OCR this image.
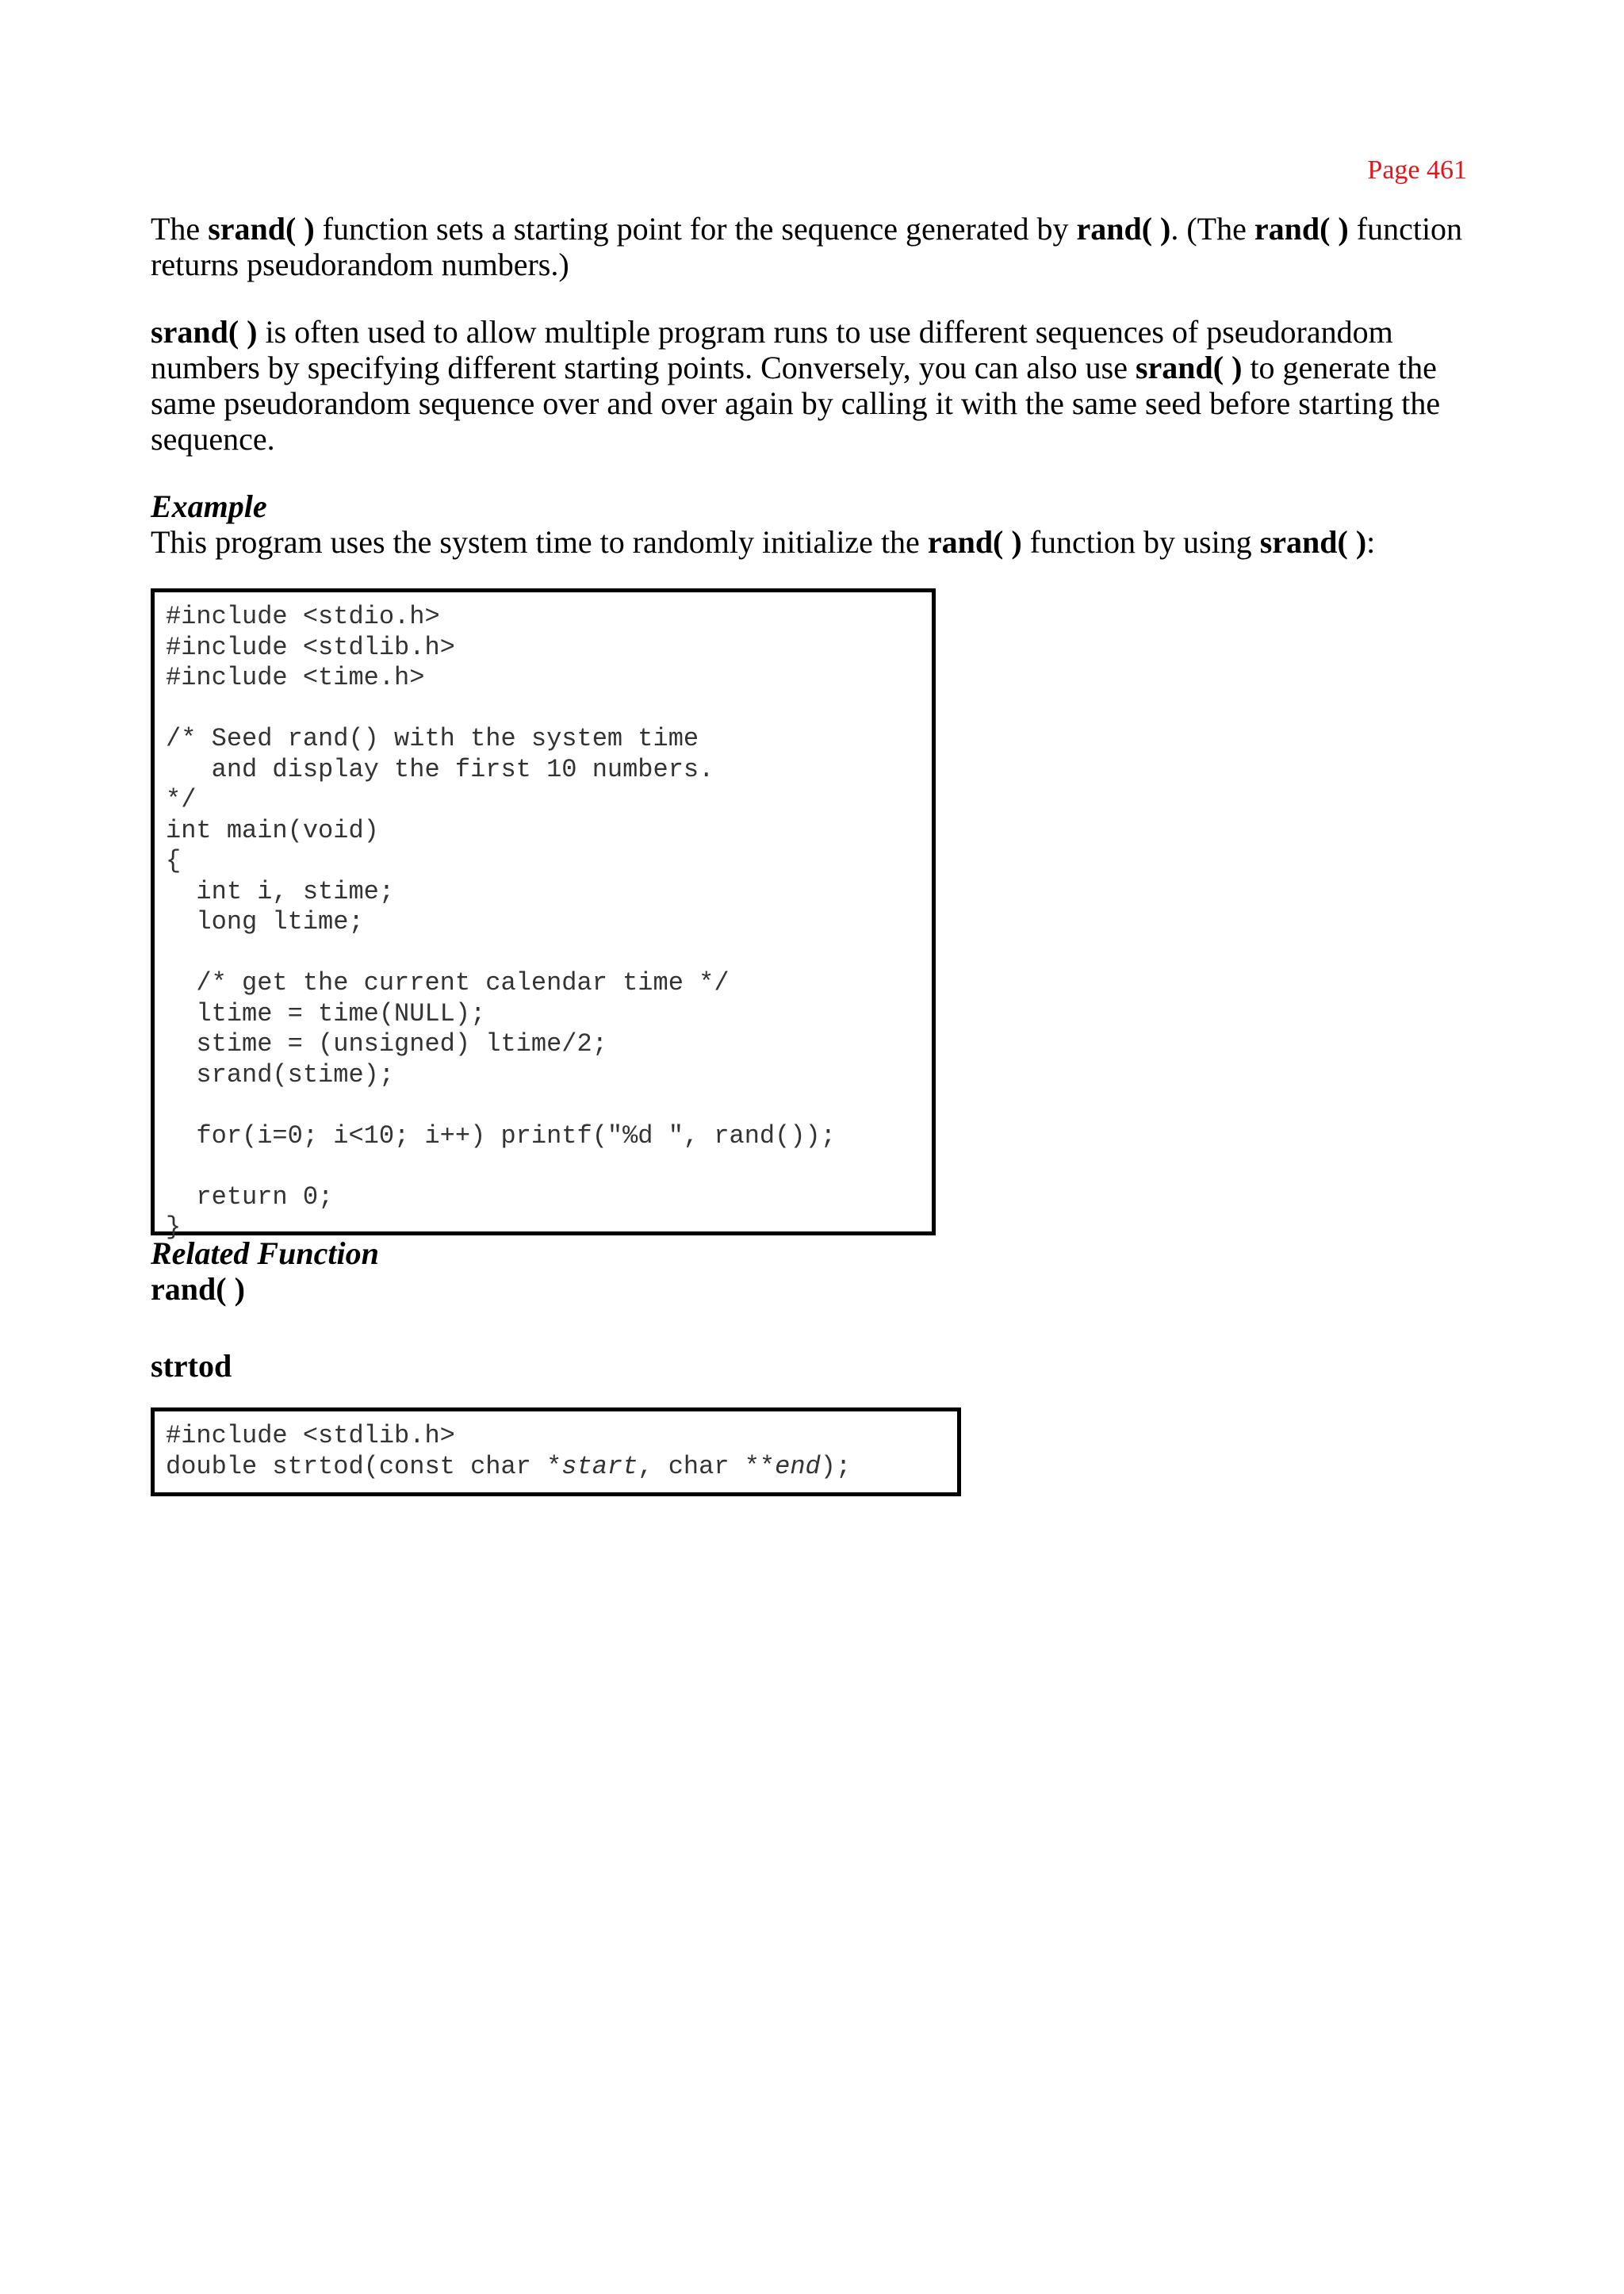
Page 461

The srand( ) function sets a starting point for the sequence generated by rand( ). (The rand( ) function returns pseudorandom numbers.)

srand( ) is often used to allow multiple program runs to use different sequences of pseudorandom numbers by specifying different starting points. Conversely, you can also use srand( ) to generate the same pseudorandom sequence over and over again by calling it with the same seed before starting the sequence.

Example

This program uses the system time to randomly initialize the rand( ) function by using srand( ):

#include <stdio.h>
#include <stdlib.h>
#include <time.h>

/* Seed rand() with the system time
and display the first 10 numbers.
*/
int main(void)
{
int i, stime;
long ltime;

/* get the current calendar time */
ltime = time(NULL);
stime = (unsigned) ltime/2;
srand(stime);

for(i=0; i<10; i++) printf("%d ", rand());

return 0;
}
Related Function
rand( )
strtod
#include <stdlib.h>
double strtod(const char *start, char **end);
